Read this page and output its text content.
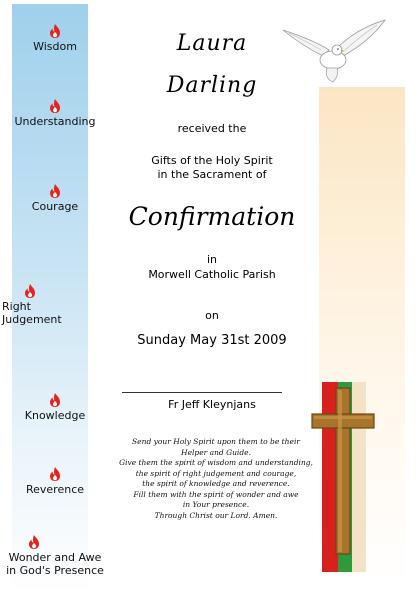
Wisdom
Understanding
Courage
Right
Judgement
Knowledge
Reverence
Wonder and Awe
in God's Presence
Laura
Darling
received the
Gifts of the Holy Spirit
in the Sacrament of
Confirmation
in
Morwell Catholic Parish
on
Sunday May 31st 2009
Fr Jeff Kleynjans
Send your Holy Spirit upon them to be their
Helper and Guide.
Give them the spirit of wisdom and understanding,
the spirit of right judgement and courage,
the spirit of knowledge and reverence.
Fill them with the spirit of wonder and awe
in Your presence.
Through Christ our Lord. Amen.
